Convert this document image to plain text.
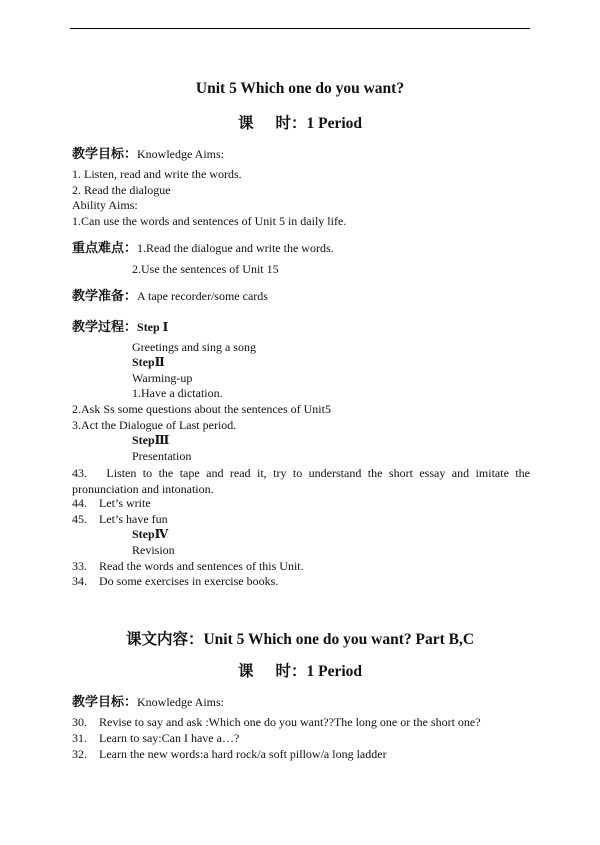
Unit 5 Which one do you want?
课 时：1 Period
教学目标：Knowledge Aims:
1. Listen, read and write the words.
2. Read the dialogue
Ability Aims:
1.Can use the words and sentences of Unit 5 in daily life.
重点难点：1.Read the dialogue and write the words.
2.Use the sentences of Unit 15
教学准备：A tape recorder/some cards
教学过程：Step Ⅰ
Greetings and sing a song
StepⅡ
Warming-up
1.Have a dictation.
2.Ask Ss some questions about the sentences of Unit5
3.Act the Dialogue of Last period.
StepⅢ
Presentation
43. Listen to the tape and read it, try to understand the short essay and imitate the pronunciation and intonation.
44. Let’s write
45. Let’s have fun
StepⅣ
Revision
33. Read the words and sentences of this Unit.
34. Do some exercises in exercise books.
课文内容：Unit 5 Which one do you want? Part B,C
课 时：1 Period
教学目标：Knowledge Aims:
30. Revise to say and ask :Which one do you want??The long one or the short one?
31. Learn to say:Can I have a…?
32. Learn the new words:a hard rock/a soft pillow/a long ladder
